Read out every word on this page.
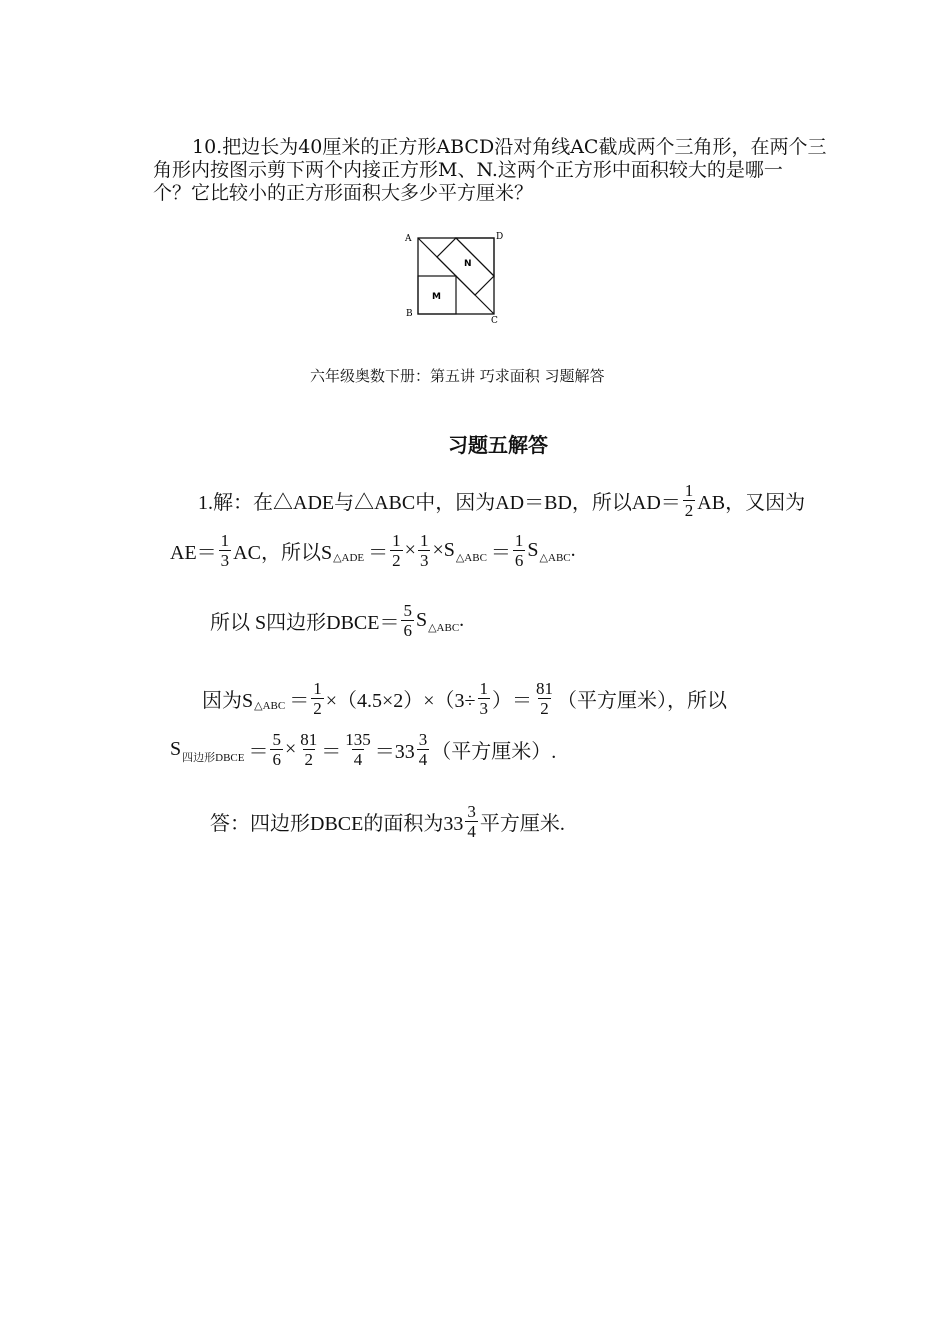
10.把边长为40厘米的正方形ABCD沿对角线AC截成两个三角形，在两个三
角形内按图示剪下两个内接正方形M、N.这两个正方形中面积较大的是哪一
个？它比较小的正方形面积大多少平方厘米？
A	D
B
C
M
N
六年级奥数下册：第五讲 巧求面积 习题解答
习题五解答
1.解：在△ADE与△ABC中，因为AD＝BD，所以$AD= \frac{1}{2}$ AB，又因为
$AE= \frac{1}{3}$ AC，所以S △ADE ＝ $\frac{1}{2} \times \frac{1}{3} \times S$ △ABC ＝ $\frac{1}{6}$ S △ABC .
所以 S四边形DBCE＝ $\frac{5}{6}$ S △ABC .
因为S △ABC ＝ $\frac{1}{2} \times(4.5\times 2)\times(3\div \frac{1}{3}$ ）＝ $\frac{81}{2}$ （平方厘米），所以
S 四边形DBCE ＝ $\frac{5}{6} \times \frac{81}{2} = \frac{135}{4} =33 \frac{3}{4}$ （平方厘米）.
答：四边形DBCE的面积为$33 \frac{3}{4}$ 平方厘米.
